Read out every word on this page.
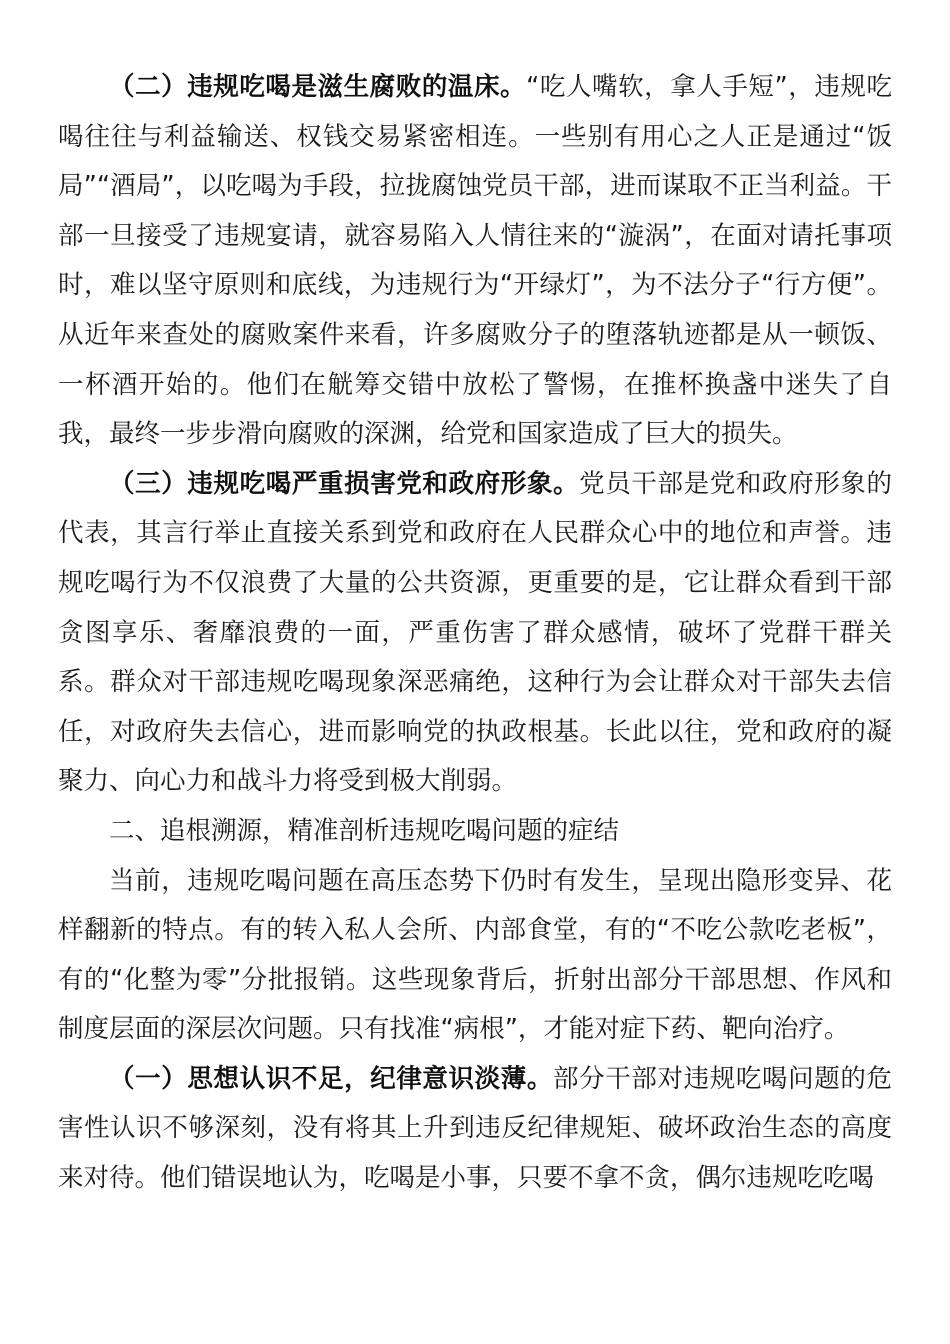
（二）违规吃喝是滋生腐败的温床。“吃人嘴软，拿人手短”，违规吃喝往往与利益输送、权钱交易紧密相连。一些别有用心之人正是通过“饭局”“酒局”，以吃喝为手段，拉拢腐蚀党员干部，进而谋取不正当利益。干部一旦接受了违规宴请，就容易陷入人情往来的“漩涡”，在面对请托事项时，难以坚守原则和底线，为违规行为“开绿灯”，为不法分子“行方便”。从近年来查处的腐败案件来看，许多腐败分子的堕落轨迹都是从一顿饭、一杯酒开始的。他们在觥筹交错中放松了警惕，在推杯换盏中迷失了自我，最终一步步滑向腐败的深渊，给党和国家造成了巨大的损失。

（三）违规吃喝严重损害党和政府形象。党员干部是党和政府形象的代表，其言行举止直接关系到党和政府在人民群众心中的地位和声誉。违规吃喝行为不仅浪费了大量的公共资源，更重要的是，它让群众看到干部贪图享乐、奢靡浪费的一面，严重伤害了群众感情，破坏了党群干群关系。群众对干部违规吃喝现象深恶痛绝，这种行为会让群众对干部失去信任，对政府失去信心，进而影响党的执政根基。长此以往，党和政府的凝聚力、向心力和战斗力将受到极大削弱。

二、追根溯源，精准剖析违规吃喝问题的症结

当前，违规吃喝问题在高压态势下仍时有发生，呈现出隐形变异、花样翻新的特点。有的转入私人会所、内部食堂，有的“不吃公款吃老板”，有的“化整为零”分批报销。这些现象背后，折射出部分干部思想、作风和制度层面的深层次问题。只有找准“病根”，才能对症下药、靶向治疗。

（一）思想认识不足，纪律意识淡薄。部分干部对违规吃喝问题的危害性认识不够深刻，没有将其上升到违反纪律规矩、破坏政治生态的高度来对待。他们错误地认为，吃喝是小事，只要不拿不贪，偶尔违规吃吃喝
